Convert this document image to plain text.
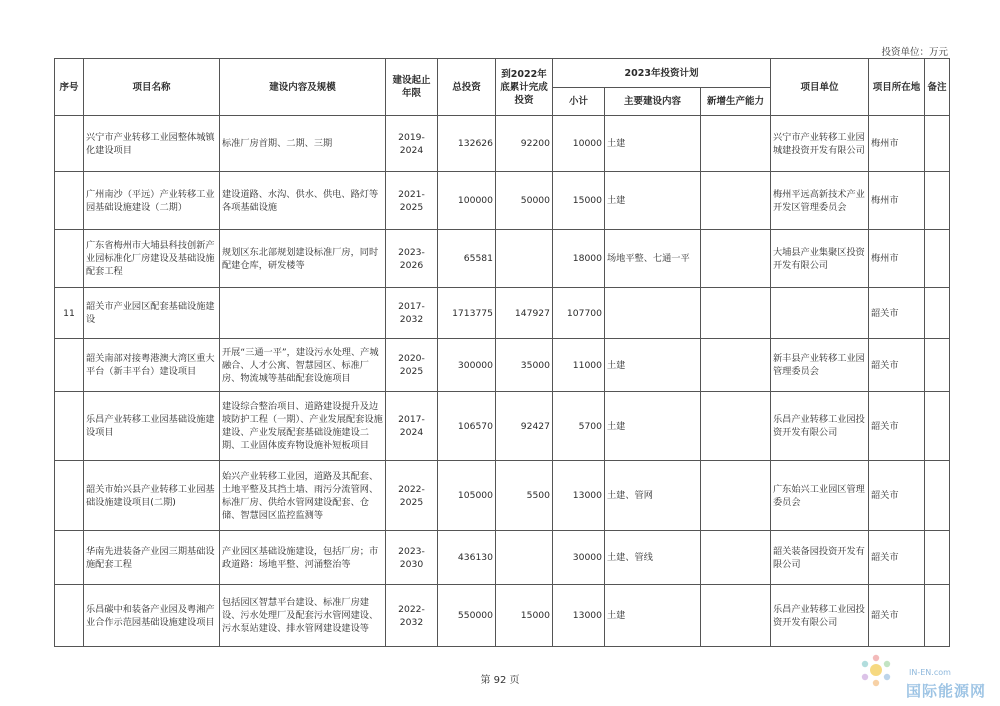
投资单位：万元
序号	项目名称	建设内容及规模	建设起止年限	总投资	到2022年底累计完成投资	2023年投资计划			项目单位	项目所在地	备注
						小计	主要建设内容	新增生产能力			
	兴宁市产业转移工业园整体城镇化建设项目	标准厂房首期、二期、三期	2019-2024	132626	92200	10000	土建		兴宁市产业转移工业园城建投资开发有限公司	梅州市	
	广州南沙（平远）产业转移工业园基础设施建设（二期）	建设道路、水沟、供水、供电、路灯等各项基础设施	2021-2025	100000	50000	15000	土建		梅州平远高新技术产业开发区管理委员会	梅州市	
	广东省梅州市大埔县科技创新产业园标准化厂房建设及基础设施配套工程	规划区东北部规划建设标准厂房，同时配建仓库，研发楼等	2023-2026	65581		18000	场地平整、七通一平		大埔县产业集聚区投资开发有限公司	梅州市	
11	韶关市产业园区配套基础设施建设		2017-2032	1713775	147927	107700				韶关市	
	韶关南部对接粤港澳大湾区重大平台（新丰平台）建设项目	开展“三通一平”，建设污水处理、产城融合、人才公寓、智慧园区、标准厂房、物流城等基础配套设施项目	2020-2025	300000	35000	11000	土建		新丰县产业转移工业园管理委员会	韶关市	
	乐昌产业转移工业园基础设施建设项目	建设综合整治项目、道路建设提升及边坡防护工程（一期）、产业发展配套设施建设、产业发展配套基础设施建设二期、工业固体废弃物设施补短板项目	2017-2024	106570	92427	5700	土建		乐昌产业转移工业园投资开发有限公司	韶关市	
	韶关市始兴县产业转移工业园基础设施建设项目(二期)	始兴产业转移工业园，道路及其配套、土地平整及其挡土墙、雨污分流管网、标准厂房、供给水管网建设配套、仓储、智慧园区监控监测等	2022-2025	105000	5500	13000	土建、管网		广东始兴工业园区管理委员会	韶关市	
	华南先进装备产业园三期基础设施配套工程	产业园区基础设施建设，包括厂房；市政道路：场地平整、河涌整治等	2023-2030	436130		30000	土建、管线		韶关装备园投资开发有限公司	韶关市	
	乐昌碳中和装备产业园及粤湘产业合作示范园基础设施建设项目	包括园区智慧平台建设、标准厂房建设、污水处理厂及配套污水管网建设、污水泵站建设、排水管网建设建设等	2022-2032	550000	15000	13000	土建		乐昌产业转移工业园投资开发有限公司	韶关市	
第 92 页
IN-EN.com
国际能源网
